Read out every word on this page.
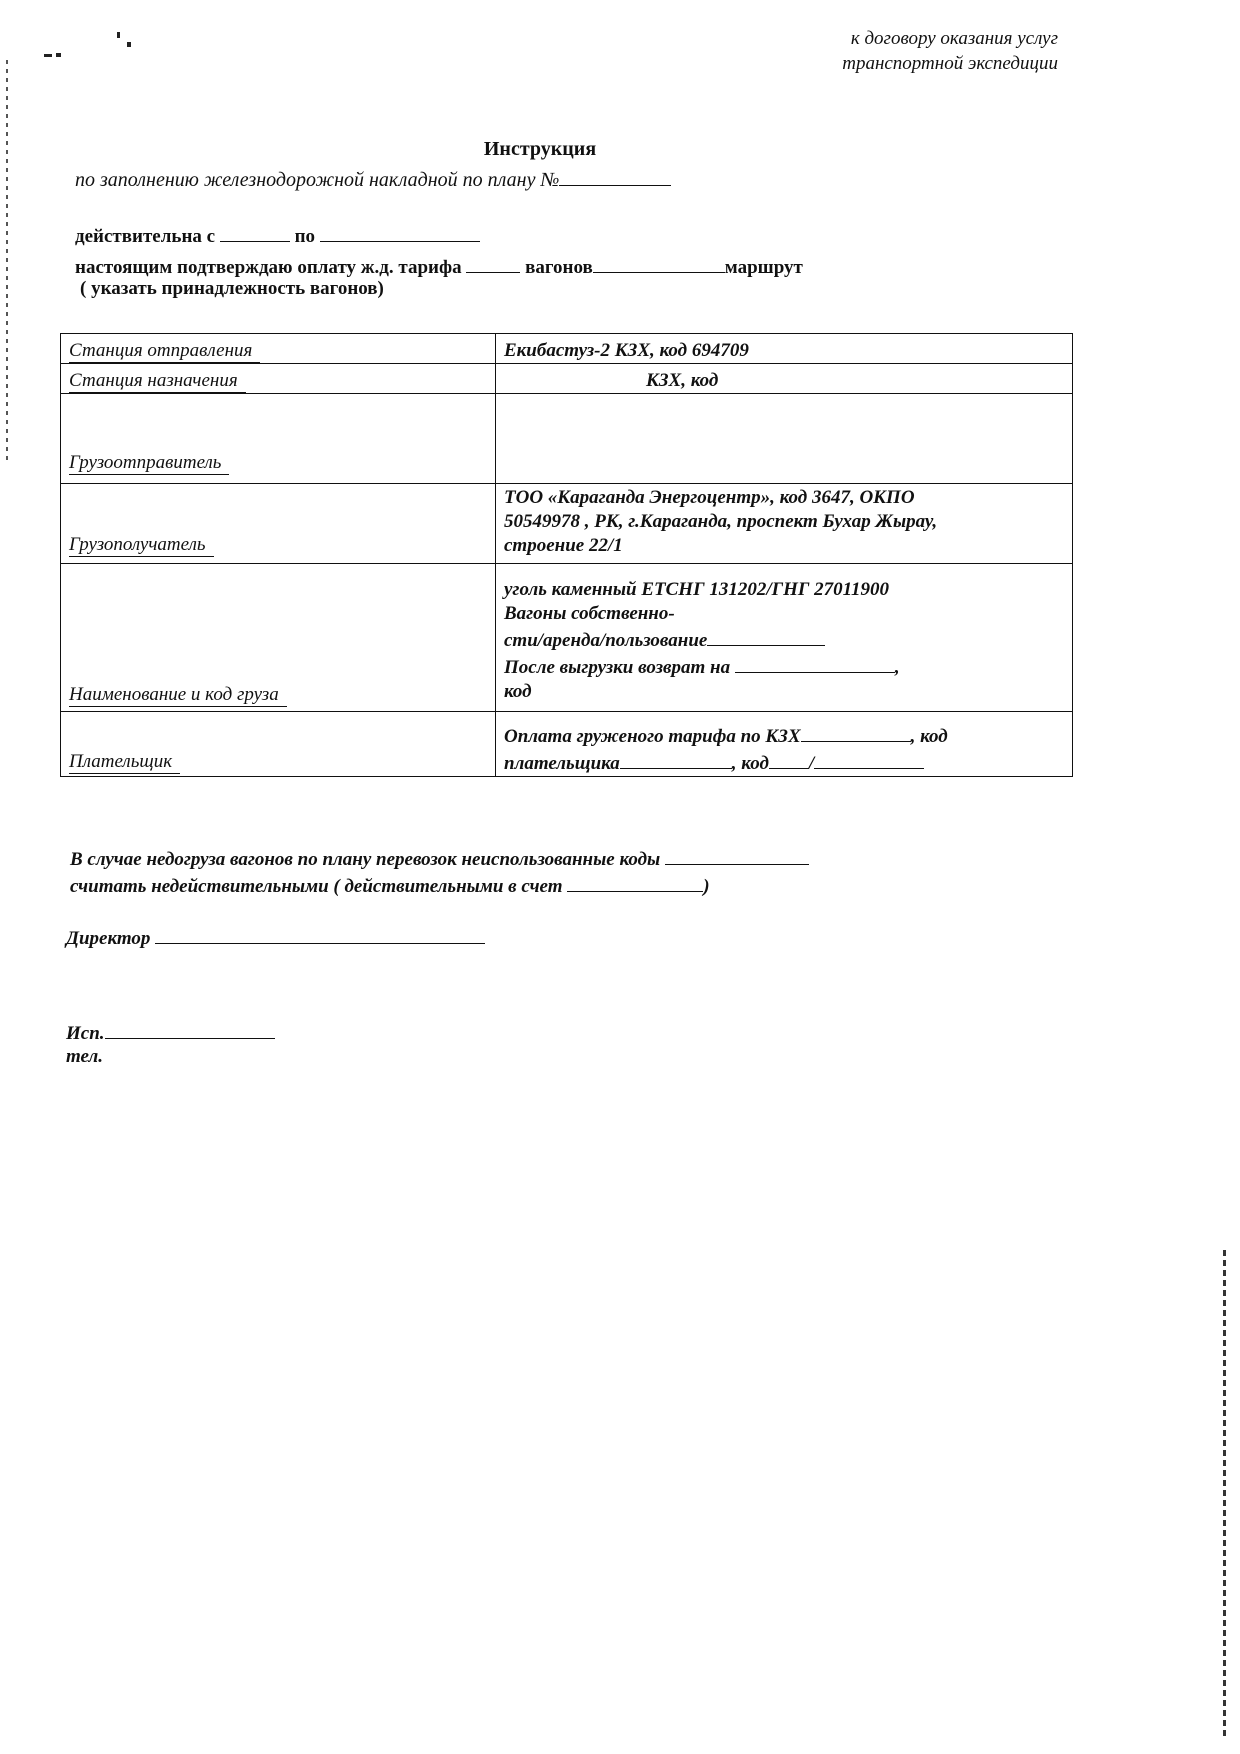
к договору оказания услуг
транспортной экспедиции
Инструкция
по заполнению железнодорожной накладной по плану №
действительна с	по
настоящим подтверждаю оплату ж.д. тарифа	вагонов	маршрут
( указать принадлежность вагонов)
Станция отправления	Екибастуз-2 КЗХ, код 694709

Станция назначения	КЗХ, код

Грузоотправитель	
Грузополучатель	ТОО «Караганда Энергоцентр», код 3647, ОКПО
50549978 , РК, г.Караганда, проспект Бухар Жырау,
строение 22/1

Наименование и код груза	уголь каменный ЕТСНГ 131202/ГНГ 27011900
Вагоны собственно-
сти/аренда/пользование
После выгрузки возврат на ,
код

Плательщик	Оплата груженого тарифа по КЗХ , код
плательщика , код /
В случае недогруза вагонов по плану перевозок неиспользованные коды
считать недействительными ( действительными в счет	)
Директор
Исп.
тел.
